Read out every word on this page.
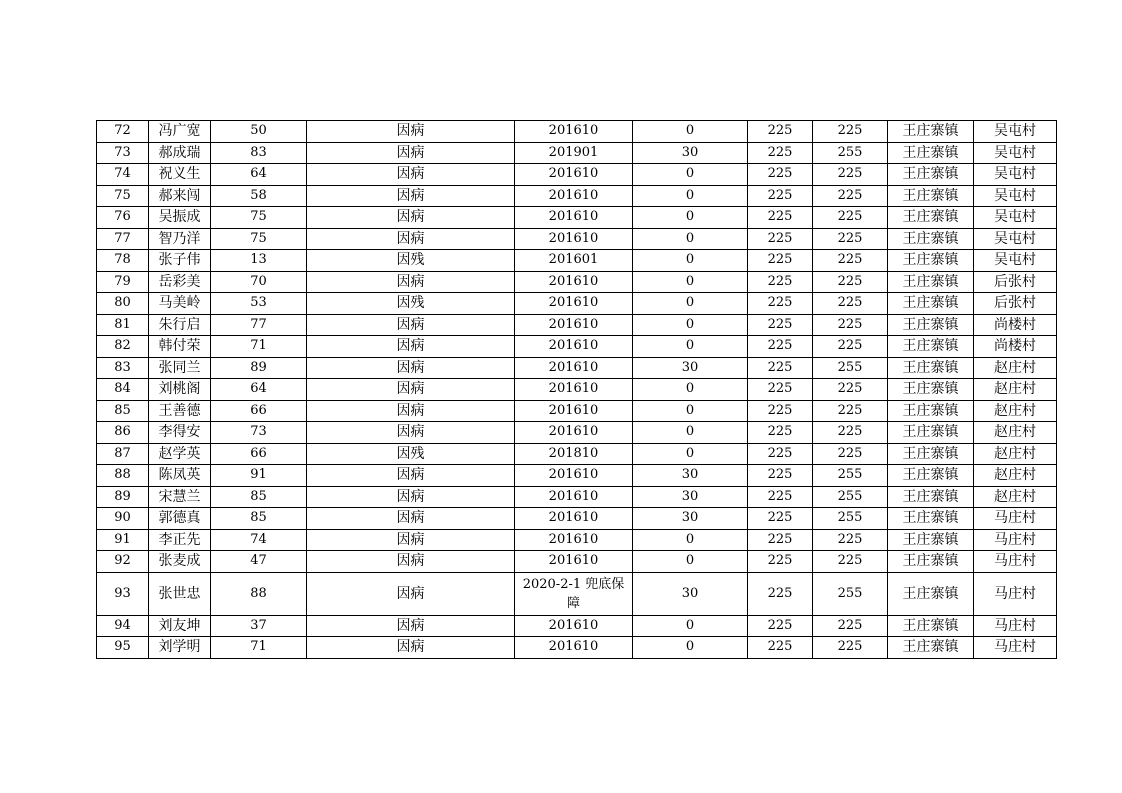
72	冯广宽	50	因病	201610	0	225	225	王庄寨镇	吴屯村
73	郝成瑞	83	因病	201901	30	225	255	王庄寨镇	吴屯村
74	祝义生	64	因病	201610	0	225	225	王庄寨镇	吴屯村
75	郝来闯	58	因病	201610	0	225	225	王庄寨镇	吴屯村
76	吴振成	75	因病	201610	0	225	225	王庄寨镇	吴屯村
77	智乃洋	75	因病	201610	0	225	225	王庄寨镇	吴屯村
78	张子伟	13	因残	201601	0	225	225	王庄寨镇	吴屯村
79	岳彩美	70	因病	201610	0	225	225	王庄寨镇	后张村
80	马美岭	53	因残	201610	0	225	225	王庄寨镇	后张村
81	朱行启	77	因病	201610	0	225	225	王庄寨镇	尚楼村
82	韩付荣	71	因病	201610	0	225	225	王庄寨镇	尚楼村
83	张同兰	89	因病	201610	30	225	255	王庄寨镇	赵庄村
84	刘桃阁	64	因病	201610	0	225	225	王庄寨镇	赵庄村
85	王善德	66	因病	201610	0	225	225	王庄寨镇	赵庄村
86	李得安	73	因病	201610	0	225	225	王庄寨镇	赵庄村
87	赵学英	66	因残	201810	0	225	225	王庄寨镇	赵庄村
88	陈凤英	91	因病	201610	30	225	255	王庄寨镇	赵庄村
89	宋慧兰	85	因病	201610	30	225	255	王庄寨镇	赵庄村
90	郭德真	85	因病	201610	30	225	255	王庄寨镇	马庄村
91	李正先	74	因病	201610	0	225	225	王庄寨镇	马庄村
92	张麦成	47	因病	201610	0	225	225	王庄寨镇	马庄村
93	张世忠	88	因病	2020-2-1 兜底保障	30	225	255	王庄寨镇	马庄村
94	刘友坤	37	因病	201610	0	225	225	王庄寨镇	马庄村
95	刘学明	71	因病	201610	0	225	225	王庄寨镇	马庄村
